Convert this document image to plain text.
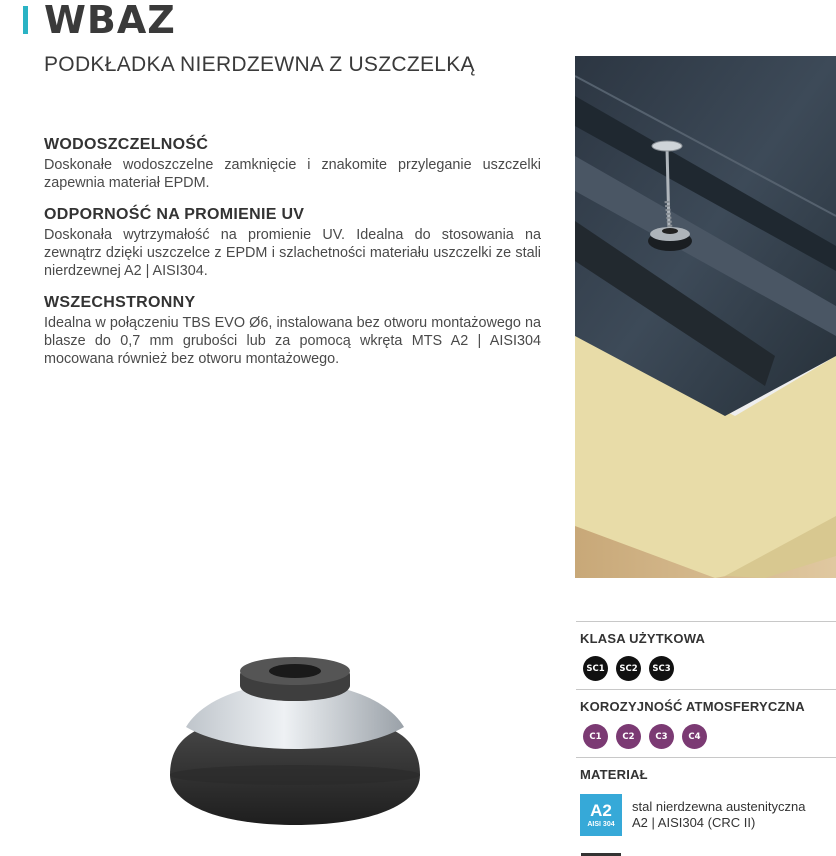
WBAZ
PODKŁADKA NIERDZEWNA Z USZCZELKĄ
WODOSZCZELNOŚĆ

Doskonałe wodoszczelne zamknięcie i znakomite przyleganie uszczelki zapewnia materiał EPDM.

ODPORNOŚĆ NA PROMIENIE UV

Doskonała wytrzymałość na promienie UV. Idealna do stosowania na zewnątrz dzięki uszczelce z EPDM i szlachetności materiału uszczelki ze stali nierdzewnej A2 | AISI304.

WSZECHSTRONNY

Idealna w połączeniu TBS EVO Ø6, instalowana bez otworu montażowego na blasze do 0,7 mm grubości lub za pomocą wkręta MTS A2 | AISI304 mocowana również bez otworu montażowego.

KLASA UŻYTKOWA
SC1	SC2	SC3
KOROZYJNOŚĆ ATMOSFERYCZNA
C1	C2	C3	C4
MATERIAŁ
A2
AISI 304
stal nierdzewna austenityczna
A2 | AISI304 (CRC II)
